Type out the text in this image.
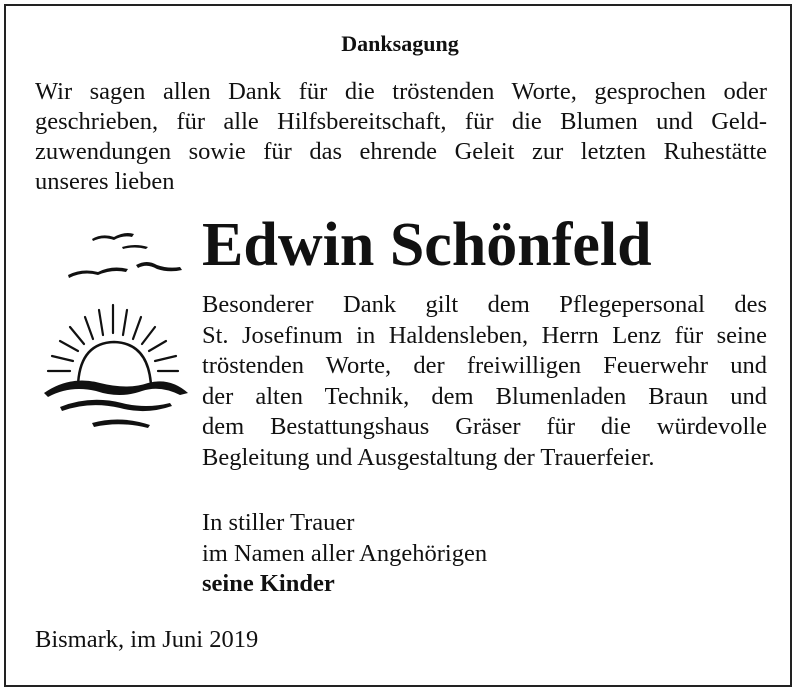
Danksagung
Wir sagen allen Dank für die tröstenden Worte, gesprochen oder
geschrieben, für alle Hilfsbereitschaft, für die Blumen und Geld-
zuwendungen sowie für das ehrende Geleit zur letzten Ruhestätte
unseres lieben
Edwin Schönfeld
Besonderer Dank gilt dem Pflegepersonal des
St. Josefinum in Haldensleben, Herrn Lenz für seine
tröstenden Worte, der freiwilligen Feuerwehr und
der alten Technik, dem Blumenladen Braun und
dem Bestattungshaus Gräser für die würdevolle
Begleitung und Ausgestaltung der Trauerfeier.
In stiller Trauer
im Namen aller Angehörigen
seine Kinder
Bismark, im Juni 2019
